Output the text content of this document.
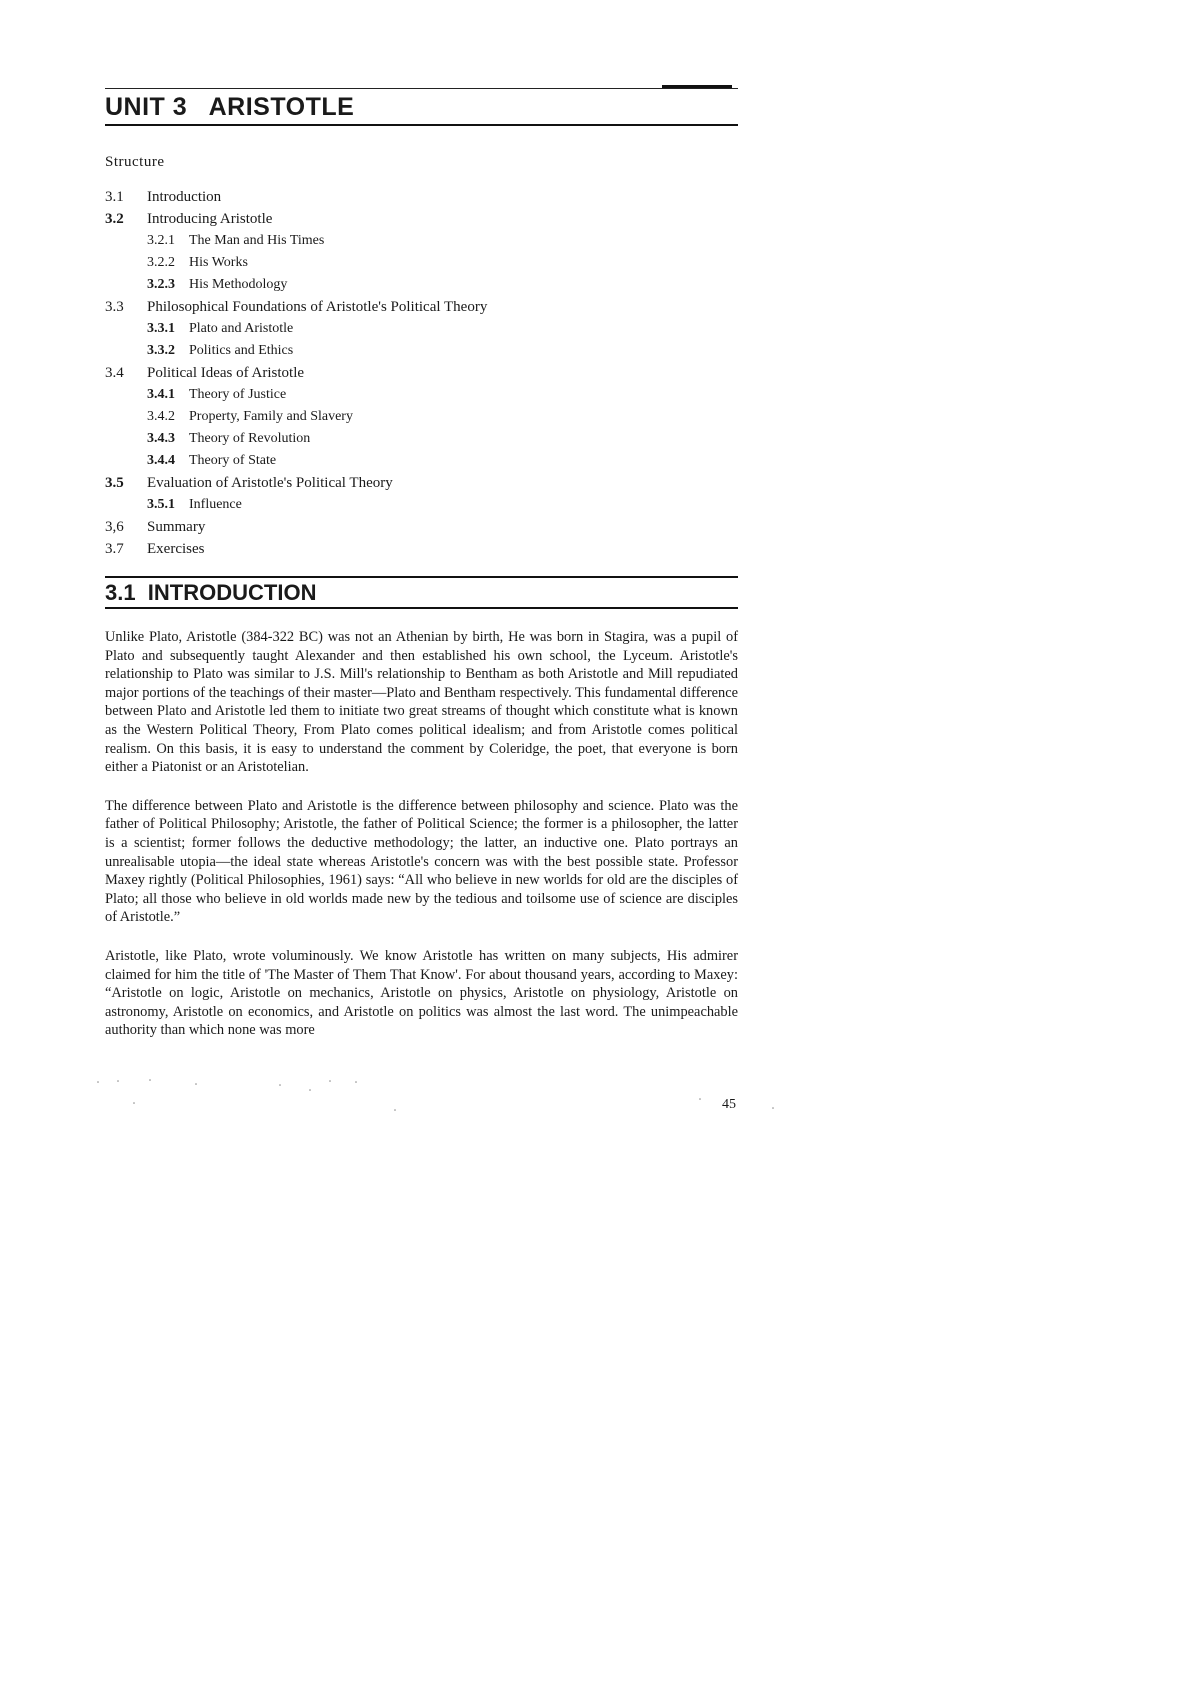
UNIT 3   ARISTOTLE
Structure
3.1	Introduction
3.2	Introducing Aristotle
3.2.1	The Man and His Times
3.2.2	His Works
3.2.3	His Methodology
3.3	Philosophical Foundations of Aristotle's Political Theory
3.3.1	Plato and Aristotle
3.3.2	Politics and Ethics
3.4	Political Ideas of Aristotle
3.4.1	Theory of Justice
3.4.2	Property, Family and Slavery
3.4.3	Theory of Revolution
3.4.4	Theory of State
3.5	Evaluation of Aristotle's Political Theory
3.5.1	Influence
3,6	Summary
3.7	Exercises
3.1  INTRODUCTION

Unlike Plato, Aristotle (384-322 BC) was not an Athenian by birth, He was born in Stagira, was a pupil of Plato and subsequently taught Alexander and then established his own school, the Lyceum. Aristotle's relationship to Plato was similar to J.S. Mill's relationship to Bentham as both Aristotle and Mill repudiated major portions of the teachings of their master—Plato and Bentham respectively. This fundamental difference between Plato and Aristotle led them to initiate two great streams of thought which constitute what is known as the Western Political Theory, From Plato comes political idealism; and from Aristotle comes political realism. On this basis, it is easy to understand the comment by Coleridge, the poet, that everyone is born either a Piatonist or an Aristotelian.

The difference between Plato and Aristotle is the difference between philosophy and science. Plato was the father of Political Philosophy; Aristotle, the father of Political Science; the former is a philosopher, the latter is a scientist; former follows the deductive methodology; the latter, an inductive one. Plato portrays an unrealisable utopia—the ideal state whereas Aristotle's concern was with the best possible state. Professor Maxey rightly (Political Philosophies, 1961) says: “All who believe in new worlds for old are the disciples of Plato; all those who believe in old worlds made new by the tedious and toilsome use of science are disciples of Aristotle.”

Aristotle, like Plato, wrote voluminously. We know Aristotle has written on many subjects, His admirer claimed for him the title of 'The Master of Them That Know'. For about thousand years, according to Maxey: “Aristotle on logic, Aristotle on mechanics, Aristotle on physics, Aristotle on physiology, Aristotle on astronomy, Aristotle on economics, and Aristotle on politics was almost the last word. The unimpeachable authority than which none was more

45
